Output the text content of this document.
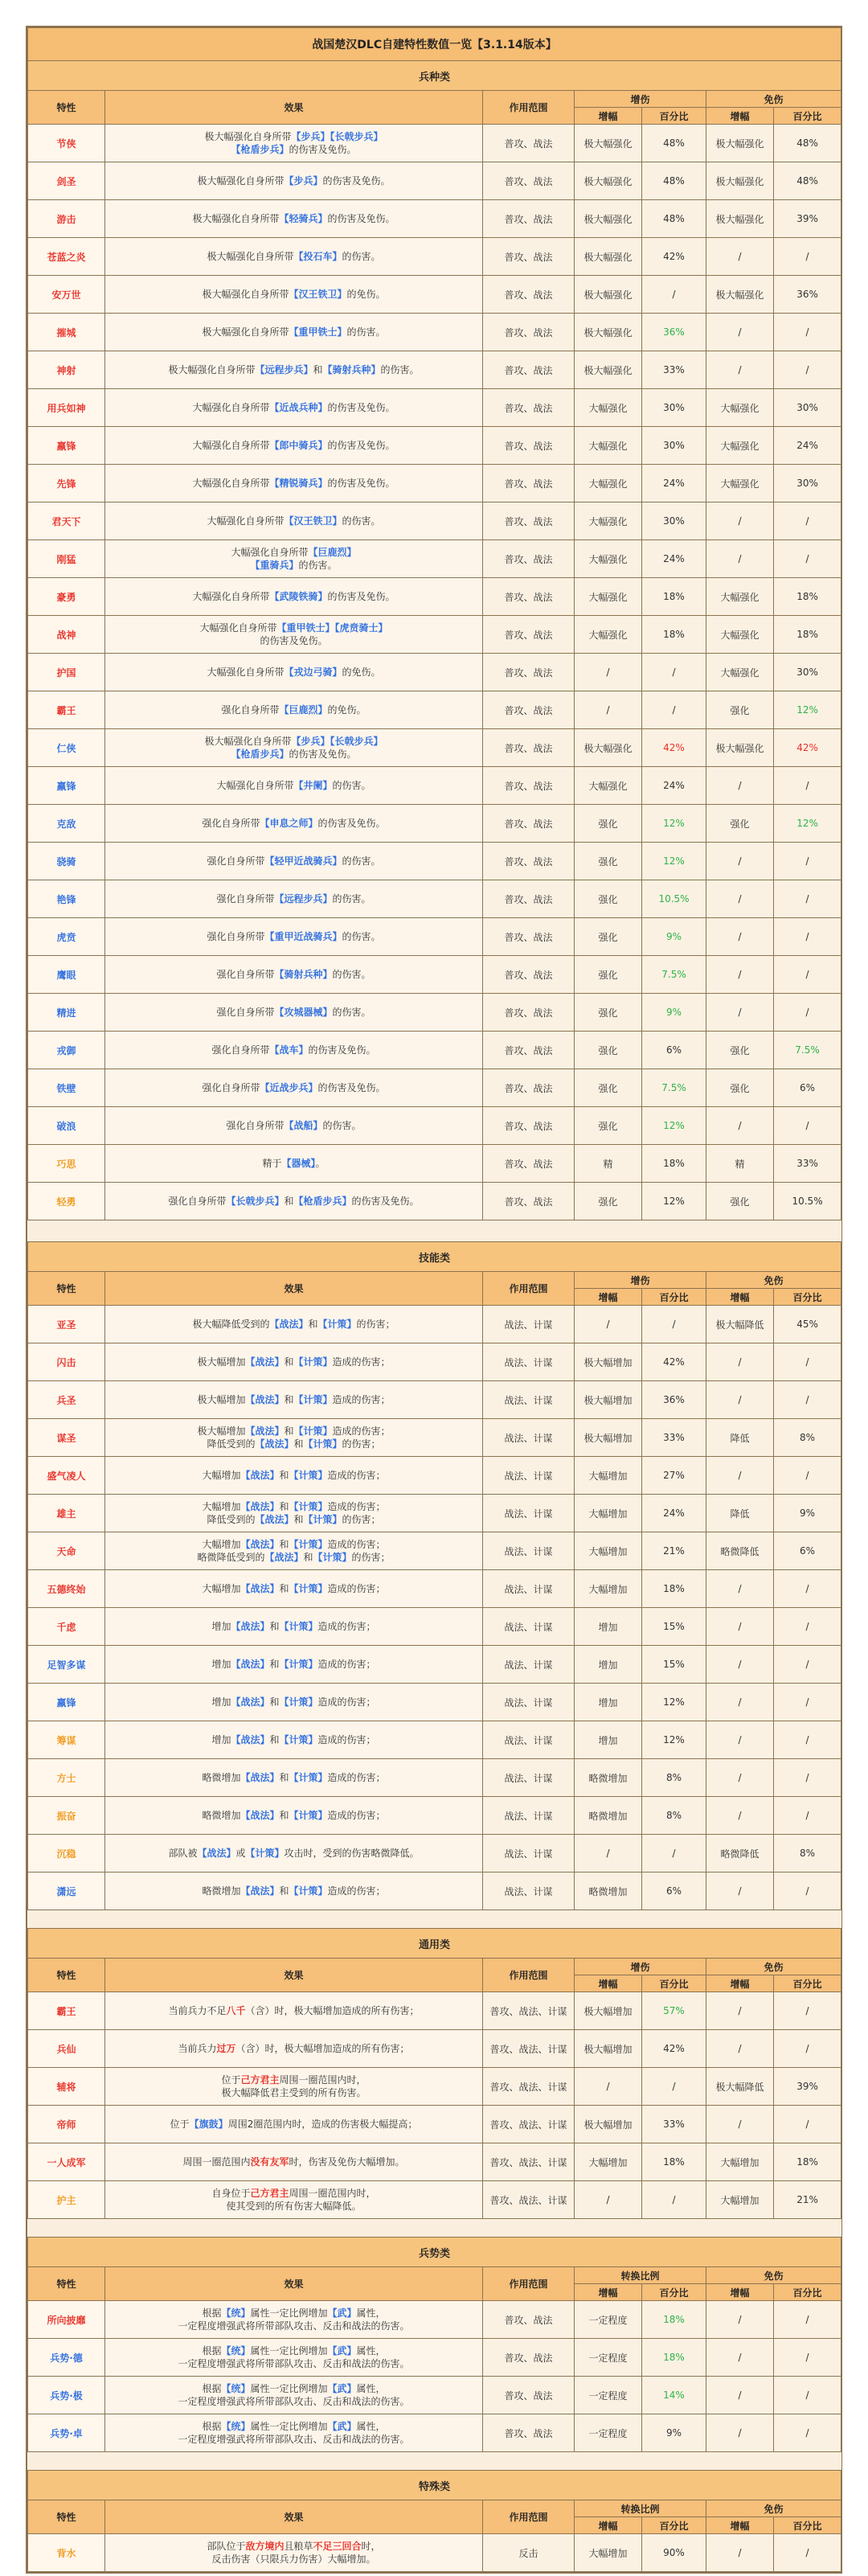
战国楚汉DLC自建特性数值一览【3.1.14版本】						
兵种类						
特性	效果	作用范围	增伤		免伤	
			增幅	百分比	增幅	百分比
节侠	极大幅强化自身所带【步兵】【长戟步兵】
【枪盾步兵】的伤害及免伤。	普攻、战法	极大幅强化	48%	极大幅强化	48%
剑圣	极大幅强化自身所带【步兵】的伤害及免伤。	普攻、战法	极大幅强化	48%	极大幅强化	48%
游击	极大幅强化自身所带【轻骑兵】的伤害及免伤。	普攻、战法	极大幅强化	48%	极大幅强化	39%
苍蓝之炎	极大幅强化自身所带【投石车】的伤害。	普攻、战法	极大幅强化	42%	/	/
安万世	极大幅强化自身所带【汉王铁卫】的免伤。	普攻、战法	极大幅强化	/	极大幅强化	36%
摧城	极大幅强化自身所带【重甲铁士】的伤害。	普攻、战法	极大幅强化	36%	/	/
神射	极大幅强化自身所带【远程步兵】和【骑射兵种】的伤害。	普攻、战法	极大幅强化	33%	/	/
用兵如神	大幅强化自身所带【近战兵种】的伤害及免伤。	普攻、战法	大幅强化	30%	大幅强化	30%
羸锋	大幅强化自身所带【郎中骑兵】的伤害及免伤。	普攻、战法	大幅强化	30%	大幅强化	24%
先锋	大幅强化自身所带【精锐骑兵】的伤害及免伤。	普攻、战法	大幅强化	24%	大幅强化	30%
君天下	大幅强化自身所带【汉王铁卫】的伤害。	普攻、战法	大幅强化	30%	/	/
刚猛	大幅强化自身所带【巨鹿烈】
【重骑兵】的伤害。	普攻、战法	大幅强化	24%	/	/
豪勇	大幅强化自身所带【武陵铁骑】的伤害及免伤。	普攻、战法	大幅强化	18%	大幅强化	18%
战神	大幅强化自身所带【重甲铁士】【虎贲骑士】
的伤害及免伤。	普攻、战法	大幅强化	18%	大幅强化	18%
护国	大幅强化自身所带【戎边弓骑】的免伤。	普攻、战法	/	/	大幅强化	30%
霸王	强化自身所带【巨鹿烈】的免伤。	普攻、战法	/	/	强化	12%
仁侠	极大幅强化自身所带【步兵】【长戟步兵】
【枪盾步兵】的伤害及免伤。	普攻、战法	极大幅强化	42%	极大幅强化	42%
羸锋	大幅强化自身所带【井阑】的伤害。	普攻、战法	大幅强化	24%	/	/
克敌	强化自身所带【申息之师】的伤害及免伤。	普攻、战法	强化	12%	强化	12%
骁骑	强化自身所带【轻甲近战骑兵】的伤害。	普攻、战法	强化	12%	/	/
艳锋	强化自身所带【远程步兵】的伤害。	普攻、战法	强化	10.5%	/	/
虎贲	强化自身所带【重甲近战骑兵】的伤害。	普攻、战法	强化	9%	/	/
鹰眼	强化自身所带【骑射兵种】的伤害。	普攻、战法	强化	7.5%	/	/
精进	强化自身所带【攻城器械】的伤害。	普攻、战法	强化	9%	/	/
戎御	强化自身所带【战车】的伤害及免伤。	普攻、战法	强化	6%	强化	7.5%
铁壁	强化自身所带【近战步兵】的伤害及免伤。	普攻、战法	强化	7.5%	强化	6%
破浪	强化自身所带【战船】的伤害。	普攻、战法	强化	12%	/	/
巧思	精于【器械】。	普攻、战法	精	18%	精	33%
轻勇	强化自身所带【长戟步兵】和【枪盾步兵】的伤害及免伤。	普攻、战法	强化	12%	强化	10.5%

技能类						
特性	效果	作用范围	增伤		免伤	
			增幅	百分比	增幅	百分比
亚圣	极大幅降低受到的【战法】和【计策】的伤害；	战法、计谋	/	/	极大幅降低	45%
闪击	极大幅增加【战法】和【计策】造成的伤害；	战法、计谋	极大幅增加	42%	/	/
兵圣	极大幅增加【战法】和【计策】造成的伤害；	战法、计谋	极大幅增加	36%	/	/
谋圣	极大幅增加【战法】和【计策】造成的伤害；
降低受到的【战法】和【计策】的伤害；	战法、计谋	极大幅增加	33%	降低	8%
盛气凌人	大幅增加【战法】和【计策】造成的伤害；	战法、计谋	大幅增加	27%	/	/
雄主	大幅增加【战法】和【计策】造成的伤害；
降低受到的【战法】和【计策】的伤害；	战法、计谋	大幅增加	24%	降低	9%
天命	大幅增加【战法】和【计策】造成的伤害；
略微降低受到的【战法】和【计策】的伤害；	战法、计谋	大幅增加	21%	略微降低	6%
五德终始	大幅增加【战法】和【计策】造成的伤害；	战法、计谋	大幅增加	18%	/	/
千虑	增加【战法】和【计策】造成的伤害；	战法、计谋	增加	15%	/	/
足智多谋	增加【战法】和【计策】造成的伤害；	战法、计谋	增加	15%	/	/
羸锋	增加【战法】和【计策】造成的伤害；	战法、计谋	增加	12%	/	/
筹谋	增加【战法】和【计策】造成的伤害；	战法、计谋	增加	12%	/	/
方士	略微增加【战法】和【计策】造成的伤害；	战法、计谋	略微增加	8%	/	/
振奋	略微增加【战法】和【计策】造成的伤害；	战法、计谋	略微增加	8%	/	/
沉稳	部队被【战法】或【计策】攻击时，受到的伤害略微降低。	战法、计谋	/	/	略微降低	8%
潇远	略微增加【战法】和【计策】造成的伤害；	战法、计谋	略微增加	6%	/	/

通用类						
特性	效果	作用范围	增伤		免伤	
			增幅	百分比	增幅	百分比
霸王	当前兵力不足八千（含）时，极大幅增加造成的所有伤害；	普攻、战法、计谋	极大幅增加	57%	/	/
兵仙	当前兵力过万（含）时，极大幅增加造成的所有伤害；	普攻、战法、计谋	极大幅增加	42%	/	/
辅将	位于己方君主周围一圈范围内时，
极大幅降低君主受到的所有伤害。	普攻、战法、计谋	/	/	极大幅降低	39%
帝师	位于【旗鼓】周围2圈范围内时，造成的伤害极大幅提高；	普攻、战法、计谋	极大幅增加	33%	/	/
一人成军	周围一圈范围内没有友军时，伤害及免伤大幅增加。	普攻、战法、计谋	大幅增加	18%	大幅增加	18%
护主	自身位于己方君主周围一圈范围内时，
使其受到的所有伤害大幅降低。	普攻、战法、计谋	/	/	大幅增加	21%

兵势类						
特性	效果	作用范围	转换比例		免伤	
			增幅	百分比	增幅	百分比
所向披靡	根据【统】属性一定比例增加【武】属性，
一定程度增强武将所带部队攻击、反击和战法的伤害。	普攻、战法	一定程度	18%	/	/
兵势·德	根据【统】属性一定比例增加【武】属性，
一定程度增强武将所带部队攻击、反击和战法的伤害。	普攻、战法	一定程度	18%	/	/
兵势·极	根据【统】属性一定比例增加【武】属性，
一定程度增强武将所带部队攻击、反击和战法的伤害。	普攻、战法	一定程度	14%	/	/
兵势·卓	根据【统】属性一定比例增加【武】属性，
一定程度增强武将所带部队攻击、反击和战法的伤害。	普攻、战法	一定程度	9%	/	/

特殊类						
特性	效果	作用范围	转换比例		免伤	
			增幅	百分比	增幅	百分比
背水	部队位于敌方境内且粮草不足三回合时，
反击伤害（只限兵力伤害）大幅增加。	反击	大幅增加	90%	/	/
